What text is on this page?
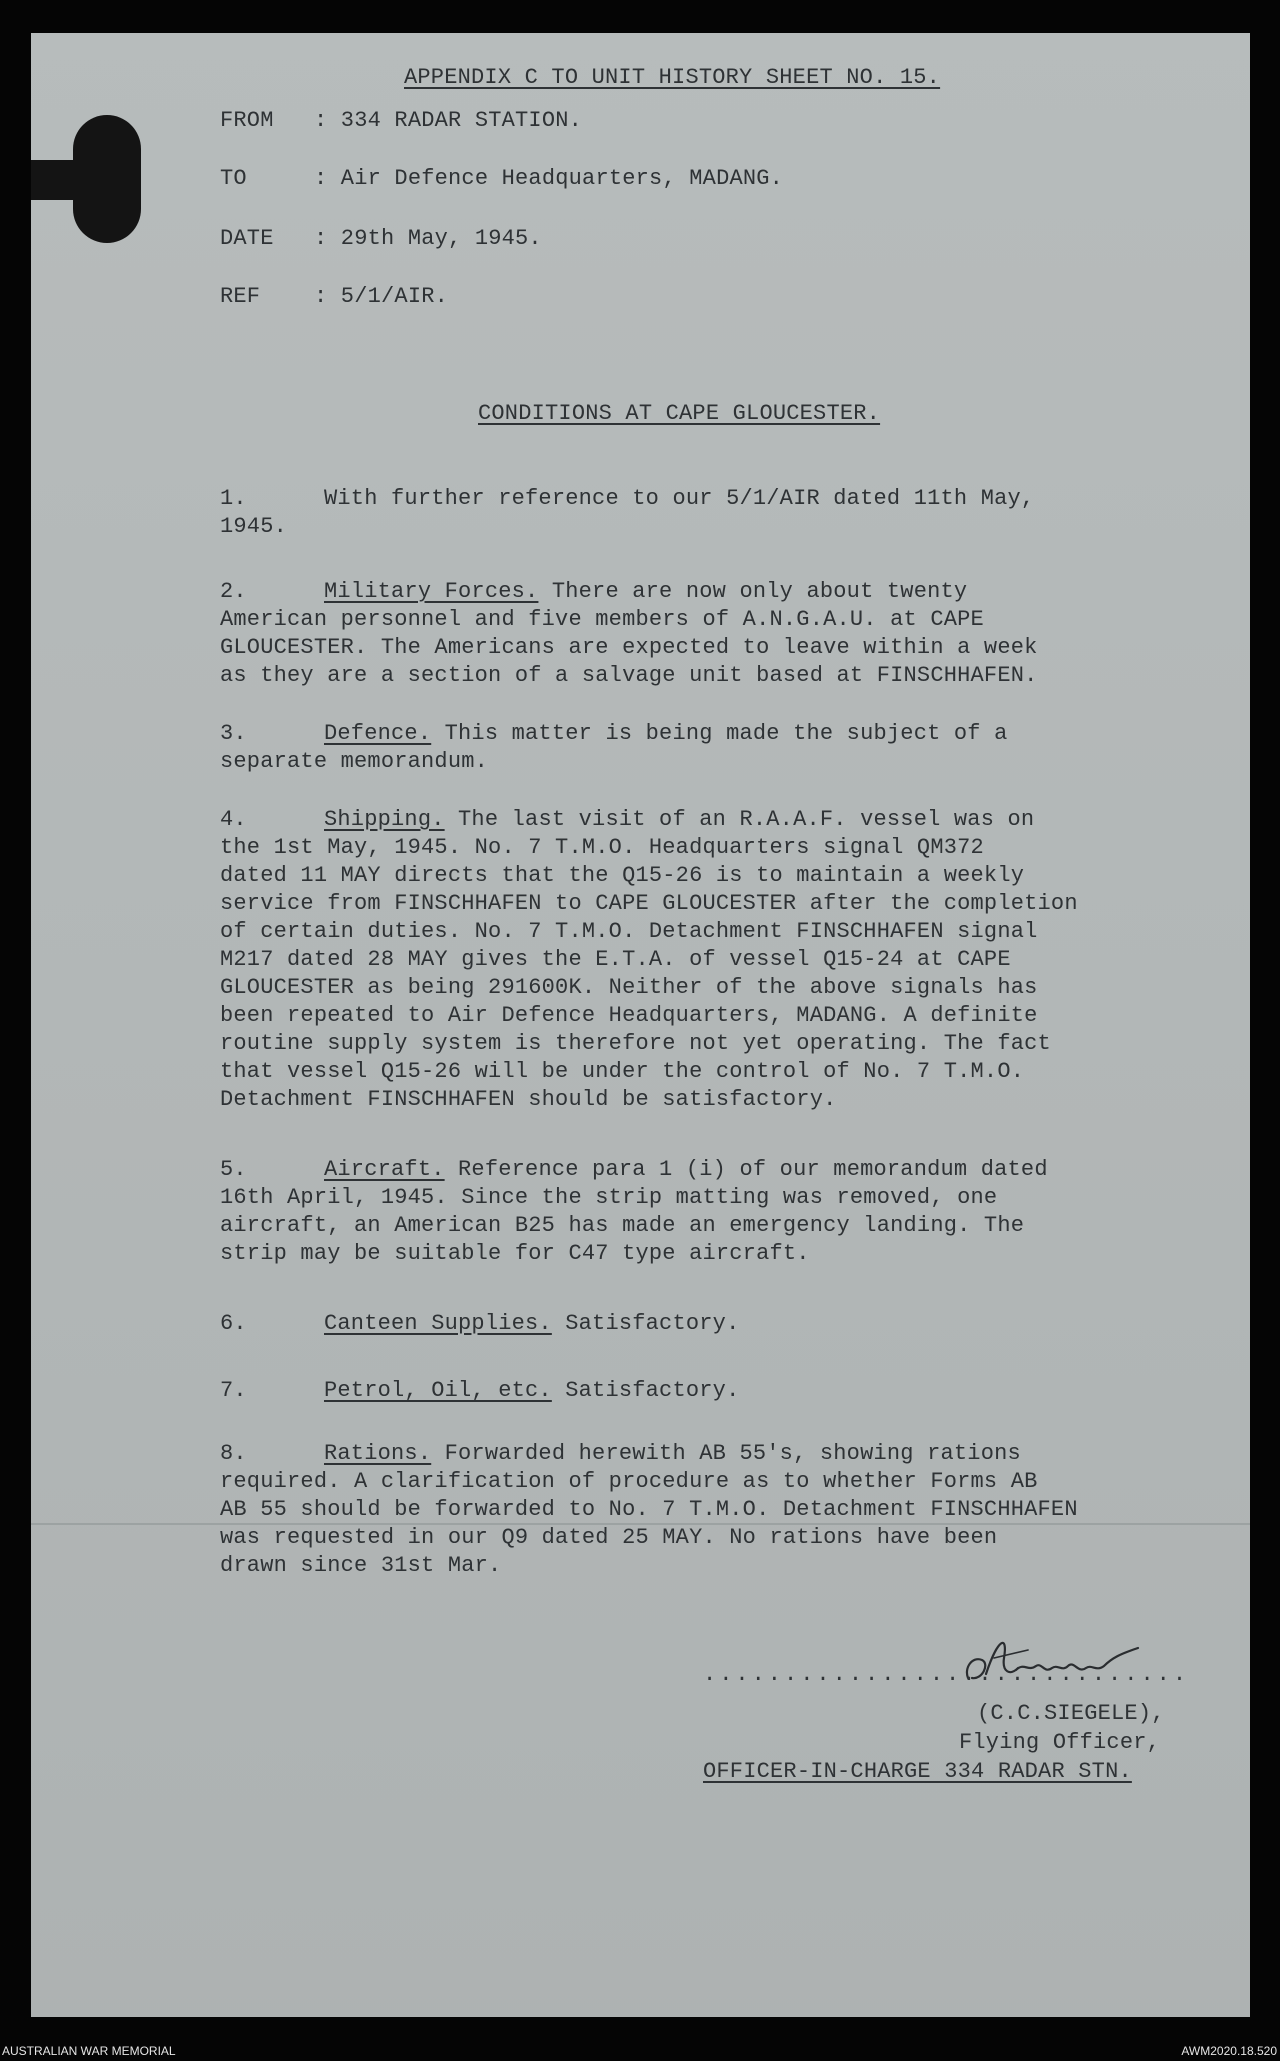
APPENDIX C TO UNIT HISTORY SHEET NO. 15.
FROM : 334 RADAR STATION.
TO	: Air Defence Headquarters, MADANG.
DATE : 29th May, 1945.
REF : 5/1/AIR.
CONDITIONS AT CAPE GLOUCESTER.
1.	With further reference to our 5/1/AIR dated 11th May,
1945.
2.	Military Forces. There are now only about twenty
American personnel and five members of A.N.G.A.U. at CAPE
GLOUCESTER. The Americans are expected to leave within a week
as they are a section of a salvage unit based at FINSCHHAFEN.
3.	Defence. This matter is being made the subject of a
separate memorandum.
4.	Shipping. The last visit of an R.A.A.F. vessel was on
the 1st May, 1945. No. 7 T.M.O. Headquarters signal QM372
dated 11 MAY directs that the Q15-26 is to maintain a weekly
service from FINSCHHAFEN to CAPE GLOUCESTER after the completion
of certain duties. No. 7 T.M.O. Detachment FINSCHHAFEN signal
M217 dated 28 MAY gives the E.T.A. of vessel Q15-24 at CAPE
GLOUCESTER as being 291600K. Neither of the above signals has
been repeated to Air Defence Headquarters, MADANG. A definite
routine supply system is therefore not yet operating. The fact
that vessel Q15-26 will be under the control of No. 7 T.M.O.
Detachment FINSCHHAFEN should be satisfactory.
5.	Aircraft. Reference para 1 (i) of our memorandum dated
16th April, 1945. Since the strip matting was removed, one
aircraft, an American B25 has made an emergency landing. The
strip may be suitable for C47 type aircraft.
6.	Canteen Supplies. Satisfactory.
7.	Petrol, Oil, etc. Satisfactory.
8.	Rations. Forwarded herewith AB 55's, showing rations
required. A clarification of procedure as to whether Forms AB
AB 55 should be forwarded to No. 7 T.M.O. Detachment FINSCHHAFEN
was requested in our Q9 dated 25 MAY. No rations have been
drawn since 31st Mar.
..............................
(C.C.SIEGELE),
Flying Officer,
OFFICER-IN-CHARGE 334 RADAR STN.
AUSTRALIAN WAR MEMORIAL	AWM2020.18.520
